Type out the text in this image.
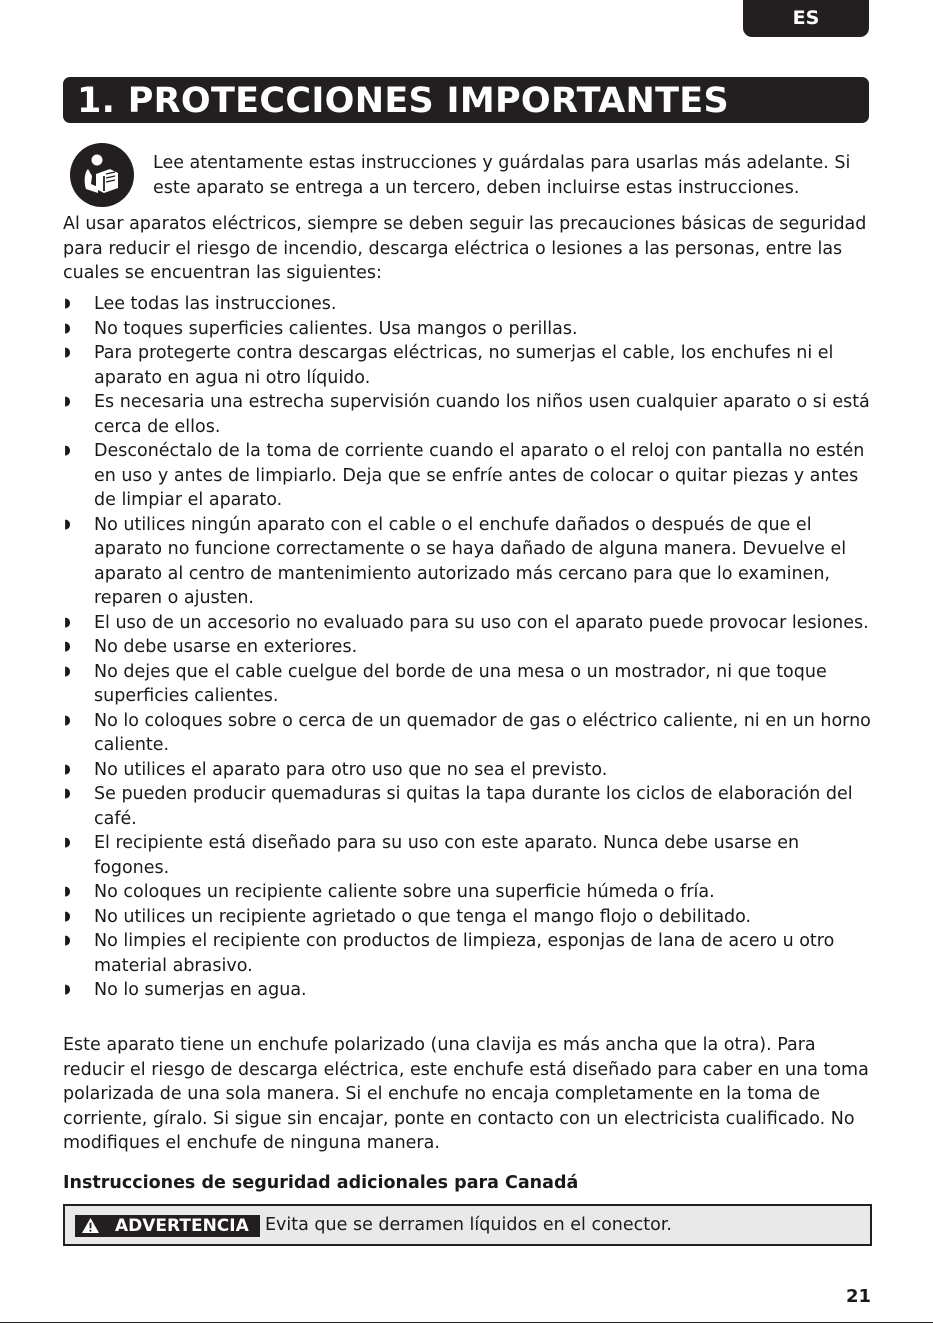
ES
1. PROTECCIONES IMPORTANTES
Lee atentamente estas instrucciones y guárdalas para usarlas más adelante. Si este aparato se entrega a un tercero, deben incluirse estas instrucciones.
Al usar aparatos eléctricos, siempre se deben seguir las precauciones básicas de seguridad para reducir el riesgo de incendio, descarga eléctrica o lesiones a las personas, entre las cuales se encuentran las siguientes:
◗ Lee todas las instrucciones.
◗ No toques superficies calientes. Usa mangos o perillas.
◗ Para protegerte contra descargas eléctricas, no sumerjas el cable, los enchufes ni el aparato en agua ni otro líquido.
◗ Es necesaria una estrecha supervisión cuando los niños usen cualquier aparato o si está cerca de ellos.
◗ Desconéctalo de la toma de corriente cuando el aparato o el reloj con pantalla no estén en uso y antes de limpiarlo. Deja que se enfríe antes de colocar o quitar piezas y antes de limpiar el aparato.
◗ No utilices ningún aparato con el cable o el enchufe dañados o después de que el aparato no funcione correctamente o se haya dañado de alguna manera. Devuelve el aparato al centro de mantenimiento autorizado más cercano para que lo examinen, reparen o ajusten.
◗ El uso de un accesorio no evaluado para su uso con el aparato puede provocar lesiones.
◗ No debe usarse en exteriores.
◗ No dejes que el cable cuelgue del borde de una mesa o un mostrador, ni que toque superficies calientes.
◗ No lo coloques sobre o cerca de un quemador de gas o eléctrico caliente, ni en un horno caliente.
◗ No utilices el aparato para otro uso que no sea el previsto.
◗ Se pueden producir quemaduras si quitas la tapa durante los ciclos de elaboración del café.
◗ El recipiente está diseñado para su uso con este aparato. Nunca debe usarse en fogones.
◗ No coloques un recipiente caliente sobre una superficie húmeda o fría.
◗ No utilices un recipiente agrietado o que tenga el mango flojo o debilitado.
◗ No limpies el recipiente con productos de limpieza, esponjas de lana de acero u otro material abrasivo.
◗ No lo sumerjas en agua.
Este aparato tiene un enchufe polarizado (una clavija es más ancha que la otra). Para reducir el riesgo de descarga eléctrica, este enchufe está diseñado para caber en una toma polarizada de una sola manera. Si el enchufe no encaja completamente en la toma de corriente, gíralo. Si sigue sin encajar, ponte en contacto con un electricista cualificado. No modifiques el enchufe de ninguna manera.
Instrucciones de seguridad adicionales para Canadá
ADVERTENCIA Evita que se derramen líquidos en el conector.
21
